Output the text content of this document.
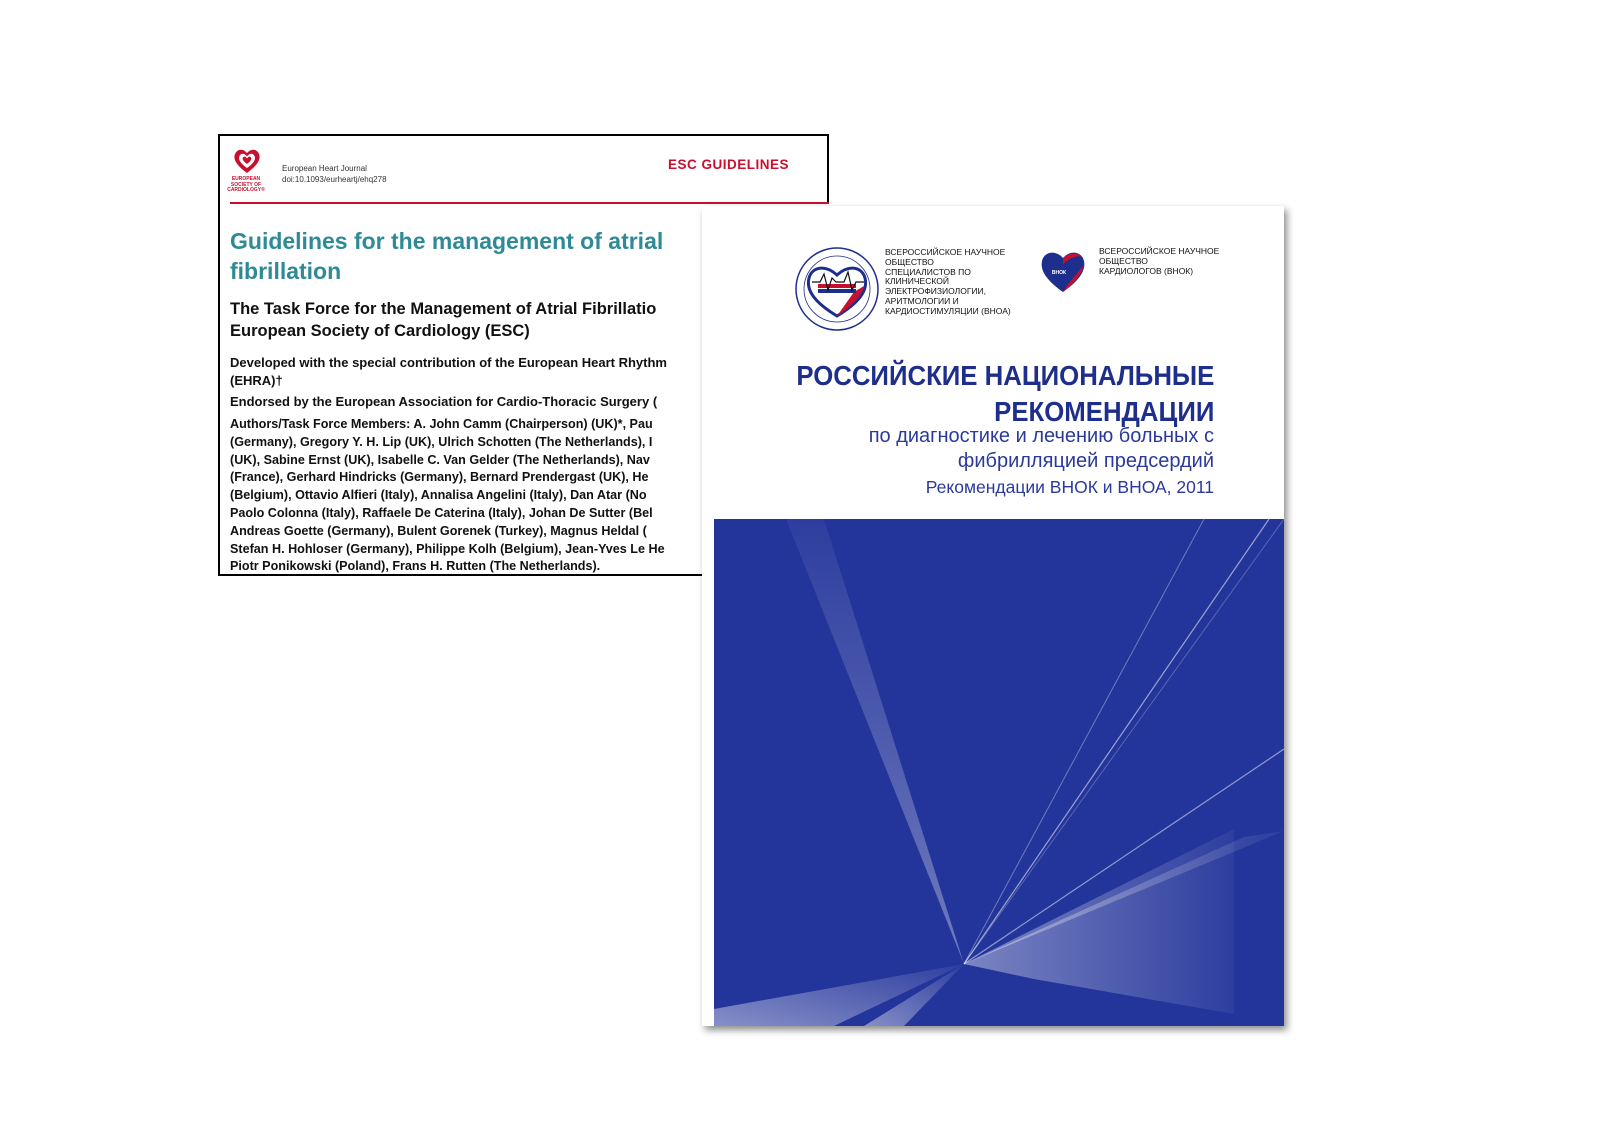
EUROPEAN
SOCIETY OF
CARDIOLOGY®
European Heart Journal
doi:10.1093/eurheartj/ehq278
ESC GUIDELINES
Guidelines for the management of atrial
fibrillation
The Task Force for the Management of Atrial Fibrillatio
European Society of Cardiology (ESC)
Developed with the special contribution of the European Heart Rhythm
(EHRA)†
Endorsed by the European Association for Cardio-Thoracic Surgery (
Authors/Task Force Members: A. John Camm (Chairperson) (UK)*, Pau
(Germany), Gregory Y. H. Lip (UK), Ulrich Schotten (The Netherlands), I
(UK), Sabine Ernst (UK), Isabelle C. Van Gelder (The Netherlands), Nav
(France), Gerhard Hindricks (Germany), Bernard Prendergast (UK), He
(Belgium), Ottavio Alfieri (Italy), Annalisa Angelini (Italy), Dan Atar (No
Paolo Colonna (Italy), Raffaele De Caterina (Italy), Johan De Sutter (Bel
Andreas Goette (Germany), Bulent Gorenek (Turkey), Magnus Heldal (
Stefan H. Hohloser (Germany), Philippe Kolh (Belgium), Jean-Yves Le He
Piotr Ponikowski (Poland), Frans H. Rutten (The Netherlands).
ВСЕРОССИЙСКОЕ НАУЧНОЕ
ОБЩЕСТВО
СПЕЦИАЛИСТОВ ПО
КЛИНИЧЕСКОЙ
ЭЛЕКТРОФИЗИОЛОГИИ,
АРИТМОЛОГИИ И
КАРДИОСТИМУЛЯЦИИ (ВНОА)
ВНОК
ВСЕРОССИЙСКОЕ НАУЧНОЕ
ОБЩЕСТВО
КАРДИОЛОГОВ (ВНОК)
РОССИЙСКИЕ НАЦИОНАЛЬНЫЕ
РЕКОМЕНДАЦИИ
по диагностике и лечению больных с
фибрилляцией предсердий
Рекомендации ВНОК и ВНОА, 2011
